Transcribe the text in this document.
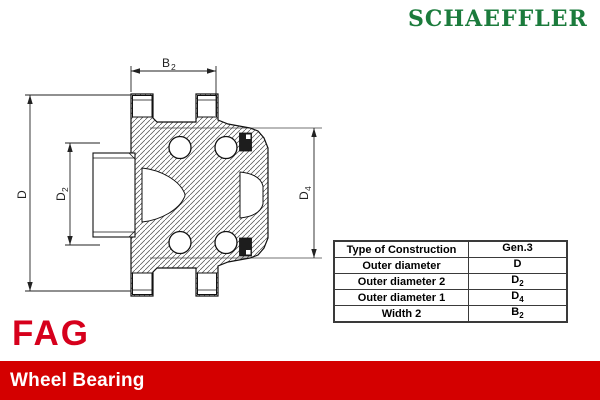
D D
2
B 2
D
4
SCHAEFFLER
Type of Construction	Gen.3
Outer diameter	D
Outer diameter 2	$D_2$
Outer diameter 1	$D_4$
Width 2	$B_2$
FAG
Wheel Bearing
